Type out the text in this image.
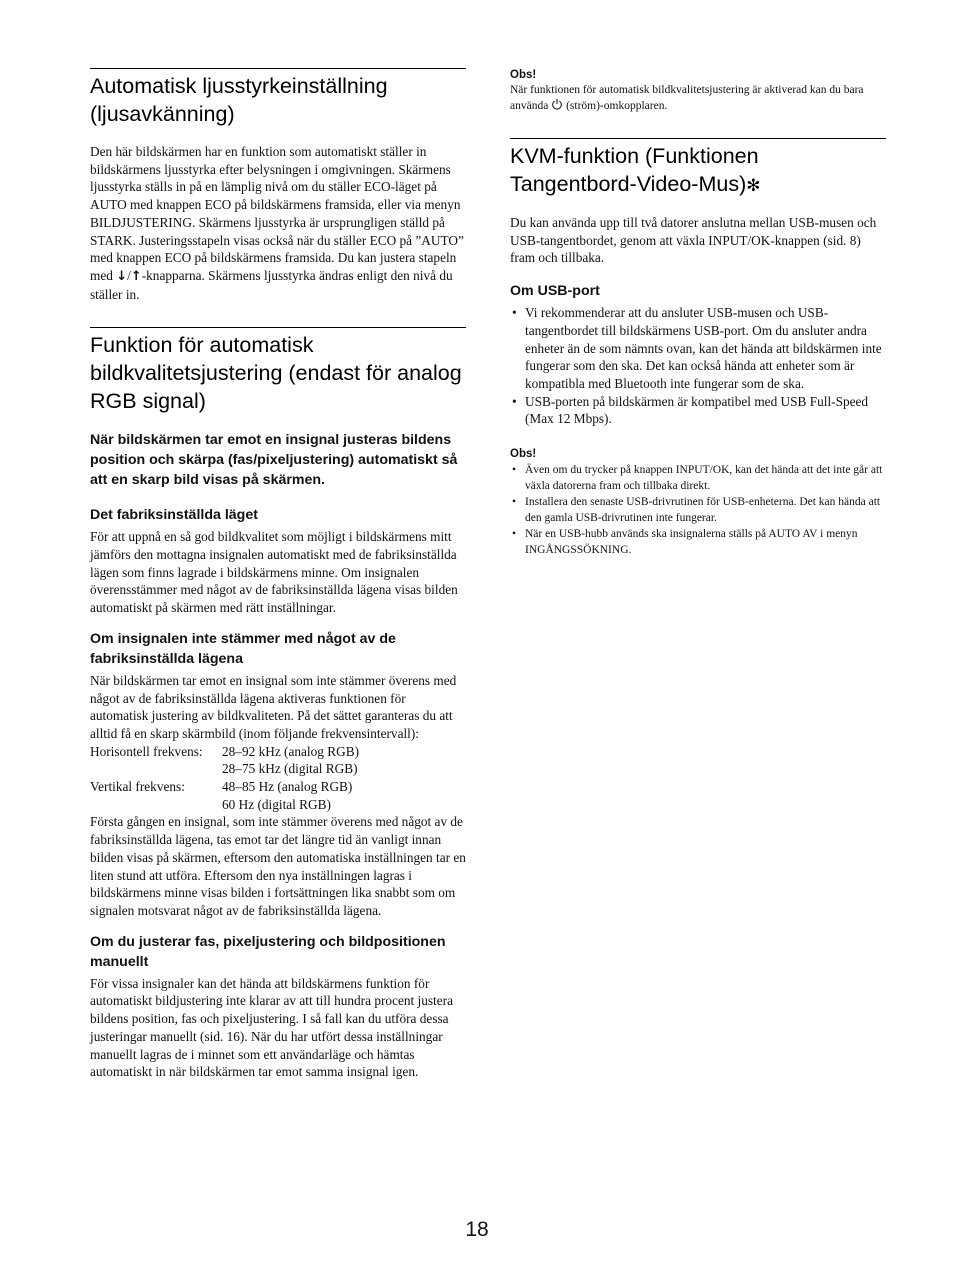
Automatisk ljusstyrkeinställning (ljusavkänning)

Den här bildskärmen har en funktion som automatiskt ställer in bildskärmens ljusstyrka efter belysningen i omgivningen. Skärmens ljusstyrka ställs in på en lämplig nivå om du ställer ECO-läget på AUTO med knappen ECO på bildskärmens framsida, eller via menyn BILDJUSTERING. Skärmens ljusstyrka är ursprungligen ställd på STARK. Justeringsstapeln visas också när du ställer ECO på ”AUTO” med knappen ECO på bildskärmens framsida. Du kan justera stapeln med ↓/↑-knapparna. Skärmens ljusstyrka ändras enligt den nivå du ställer in.

Funktion för automatisk bildkvalitetsjustering (endast för analog RGB signal)

När bildskärmen tar emot en insignal justeras bildens position och skärpa (fas/pixeljustering) automatiskt så att en skarp bild visas på skärmen.

Det fabriksinställda läget

För att uppnå en så god bildkvalitet som möjligt i bildskärmens mitt jämförs den mottagna insignalen automatiskt med de fabriksinställda lägen som finns lagrade i bildskärmens minne. Om insignalen överensstämmer med något av de fabriksinställda lägena visas bilden automatiskt på skärmen med rätt inställningar.

Om insignalen inte stämmer med något av de fabriksinställda lägena

När bildskärmen tar emot en insignal som inte stämmer överens med något av de fabriksinställda lägena aktiveras funktionen för automatisk justering av bildkvaliteten. På det sättet garanteras du att alltid få en skarp skärmbild (inom följande frekvensintervall):

Horisontell frekvens:	28–92 kHz (analog RGB)
	28–75 kHz (digital RGB)
Vertikal frekvens:	48–85 Hz (analog RGB)
	60 Hz (digital RGB)

Första gången en insignal, som inte stämmer överens med något av de fabriksinställda lägena, tas emot tar det längre tid än vanligt innan bilden visas på skärmen, eftersom den automatiska inställningen tar en liten stund att utföra. Eftersom den nya inställningen lagras i bildskärmens minne visas bilden i fortsättningen lika snabbt som om signalen motsvarat något av de fabriksinställda lägena.

Om du justerar fas, pixeljustering och bildpositionen manuellt

För vissa insignaler kan det hända att bildskärmens funktion för automatiskt bildjustering inte klarar av att till hundra procent justera bildens position, fas och pixeljustering. I så fall kan du utföra dessa justeringar manuellt (sid. 16). När du har utfört dessa inställningar manuellt lagras de i minnet som ett användarläge och hämtas automatiskt in när bildskärmen tar emot samma insignal igen.

Obs!

När funktionen för automatisk bildkvalitetsjustering är aktiverad kan du bara använda  (ström)-omkopplaren.

KVM-funktion (Funktionen Tangentbord-Video-Mus)✻

Du kan använda upp till två datorer anslutna mellan USB-musen och USB-tangentbordet, genom att växla INPUT/OK-knappen (sid. 8) fram och tillbaka.

Om USB-port
• Vi rekommenderar att du ansluter USB-musen och USB-tangentbordet till bildskärmens USB-port. Om du ansluter andra enheter än de som nämnts ovan, kan det hända att bildskärmen inte fungerar som den ska. Det kan också hända att enheter som är kompatibla med Bluetooth inte fungerar som de ska.
• USB-porten på bildskärmen är kompatibel med USB Full-Speed (Max 12 Mbps).

Obs!

• Även om du trycker på knappen INPUT/OK, kan det hända att det inte går att växla datorerna fram och tillbaka direkt.
• Installera den senaste USB-drivrutinen för USB-enheterna. Det kan hända att den gamla USB-drivrutinen inte fungerar.
• När en USB-hubb används ska insignalerna ställs på AUTO AV i menyn INGÅNGSSÖKNING.
18
